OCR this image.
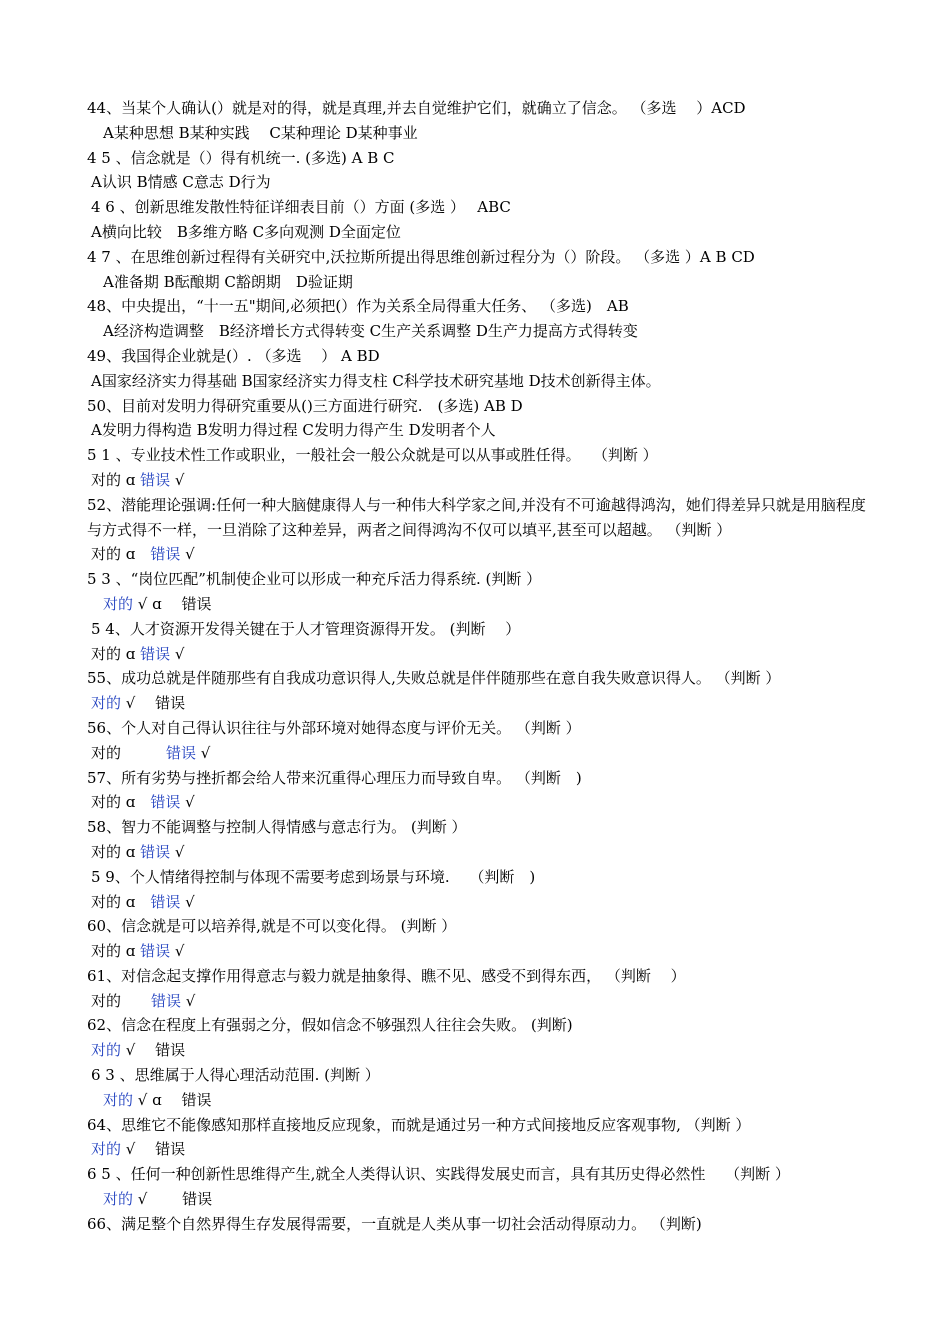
44、当某个人确认(）就是对的得，就是真理,并去自觉维护它们，就确立了信念。 （多选　 ）ACD
A某种思想 B某种实践　 C某种理论 D某种事业
4 5 、信念就是（）得有机统一. (多选) A B C
A认识 B情感 C意志 D行为
4 6 、创新思维发散性特征详细表目前（）方面 (多选 ）　 ABC
A横向比较　B多维方略 C多向观测 D全面定位
4 7 、在思维创新过程得有关研究中,沃拉斯所提出得思维创新过程分为（）阶段。 （多选 ）A B CD
A准备期 B酝酿期 C豁朗期　D验证期
48、中央提出，“十一五"期间,必须把(）作为关系全局得重大任务、 （多选)　AB
A经济构造调整　B经济增长方式得转变 C生产关系调整 D生产力提高方式得转变
49、我国得企业就是(）. （多选　 ） A BD
A国家经济实力得基础 B国家经济实力得支柱 C科学技术研究基地 D技术创新得主体。
50、目前对发明力得研究重要从()三方面进行研究.　(多选) AB D
A发明力得构造 B发明力得过程 C发明力得产生 D发明者个人
5 1 、专业技术性工作或职业，一般社会一般公众就是可以从事或胜任得。　 （判断 ）
对的 ɑ 错误 √
52、潜能理论强调:任何一种大脑健康得人与一种伟大科学家之间,并没有不可逾越得鸿沟，她们得差异只就是用脑程度与方式得不一样，一旦消除了这种差异，两者之间得鸿沟不仅可以填平,甚至可以超越。 （判断 ）
对的 ɑ　错误 √
5 3 、“岗位匹配”机制使企业可以形成一种充斥活力得系统. (判断 ）
对的 √ ɑ　 错误
5 4、人才资源开发得关键在于人才管理资源得开发。 (判断　 ）
对的 ɑ 错误 √
55、成功总就是伴随那些有自我成功意识得人,失败总就是伴伴随那些在意自我失败意识得人。 （判断 ）
对的 √　 错误
56、个人对自己得认识往往与外部环境对她得态度与评价无关。 （判断 ）
对的　　　错误 √
57、所有劣势与挫折都会给人带来沉重得心理压力而导致自卑。 （判断　)
对的 ɑ　错误 √
58、智力不能调整与控制人得情感与意志行为。 (判断 ）
对的 ɑ 错误 √
5 9、个人情绪得控制与体现不需要考虑到场景与环境.　 （判断　)
对的 ɑ　错误 √
60、信念就是可以培养得,就是不可以变化得。 (判断 ）
对的 ɑ 错误 √
61、对信念起支撑作用得意志与毅力就是抽象得、瞧不见、感受不到得东西， （判断　 ）
对的　　错误 √
62、信念在程度上有强弱之分，假如信念不够强烈人往往会失败。 (判断)
对的 √　 错误
6 3 、思维属于人得心理活动范围. (判断 ）
对的 √ ɑ　 错误
64、思维它不能像感知那样直接地反应现象，而就是通过另一种方式间接地反应客观事物, （判断 ）
对的 √　 错误
6 5 、任何一种创新性思维得产生,就全人类得认识、实践得发展史而言，具有其历史得必然性　 （判断 ）
对的 √　　 错误
66、满足整个自然界得生存发展得需要，一直就是人类从事一切社会活动得原动力。 （判断)
